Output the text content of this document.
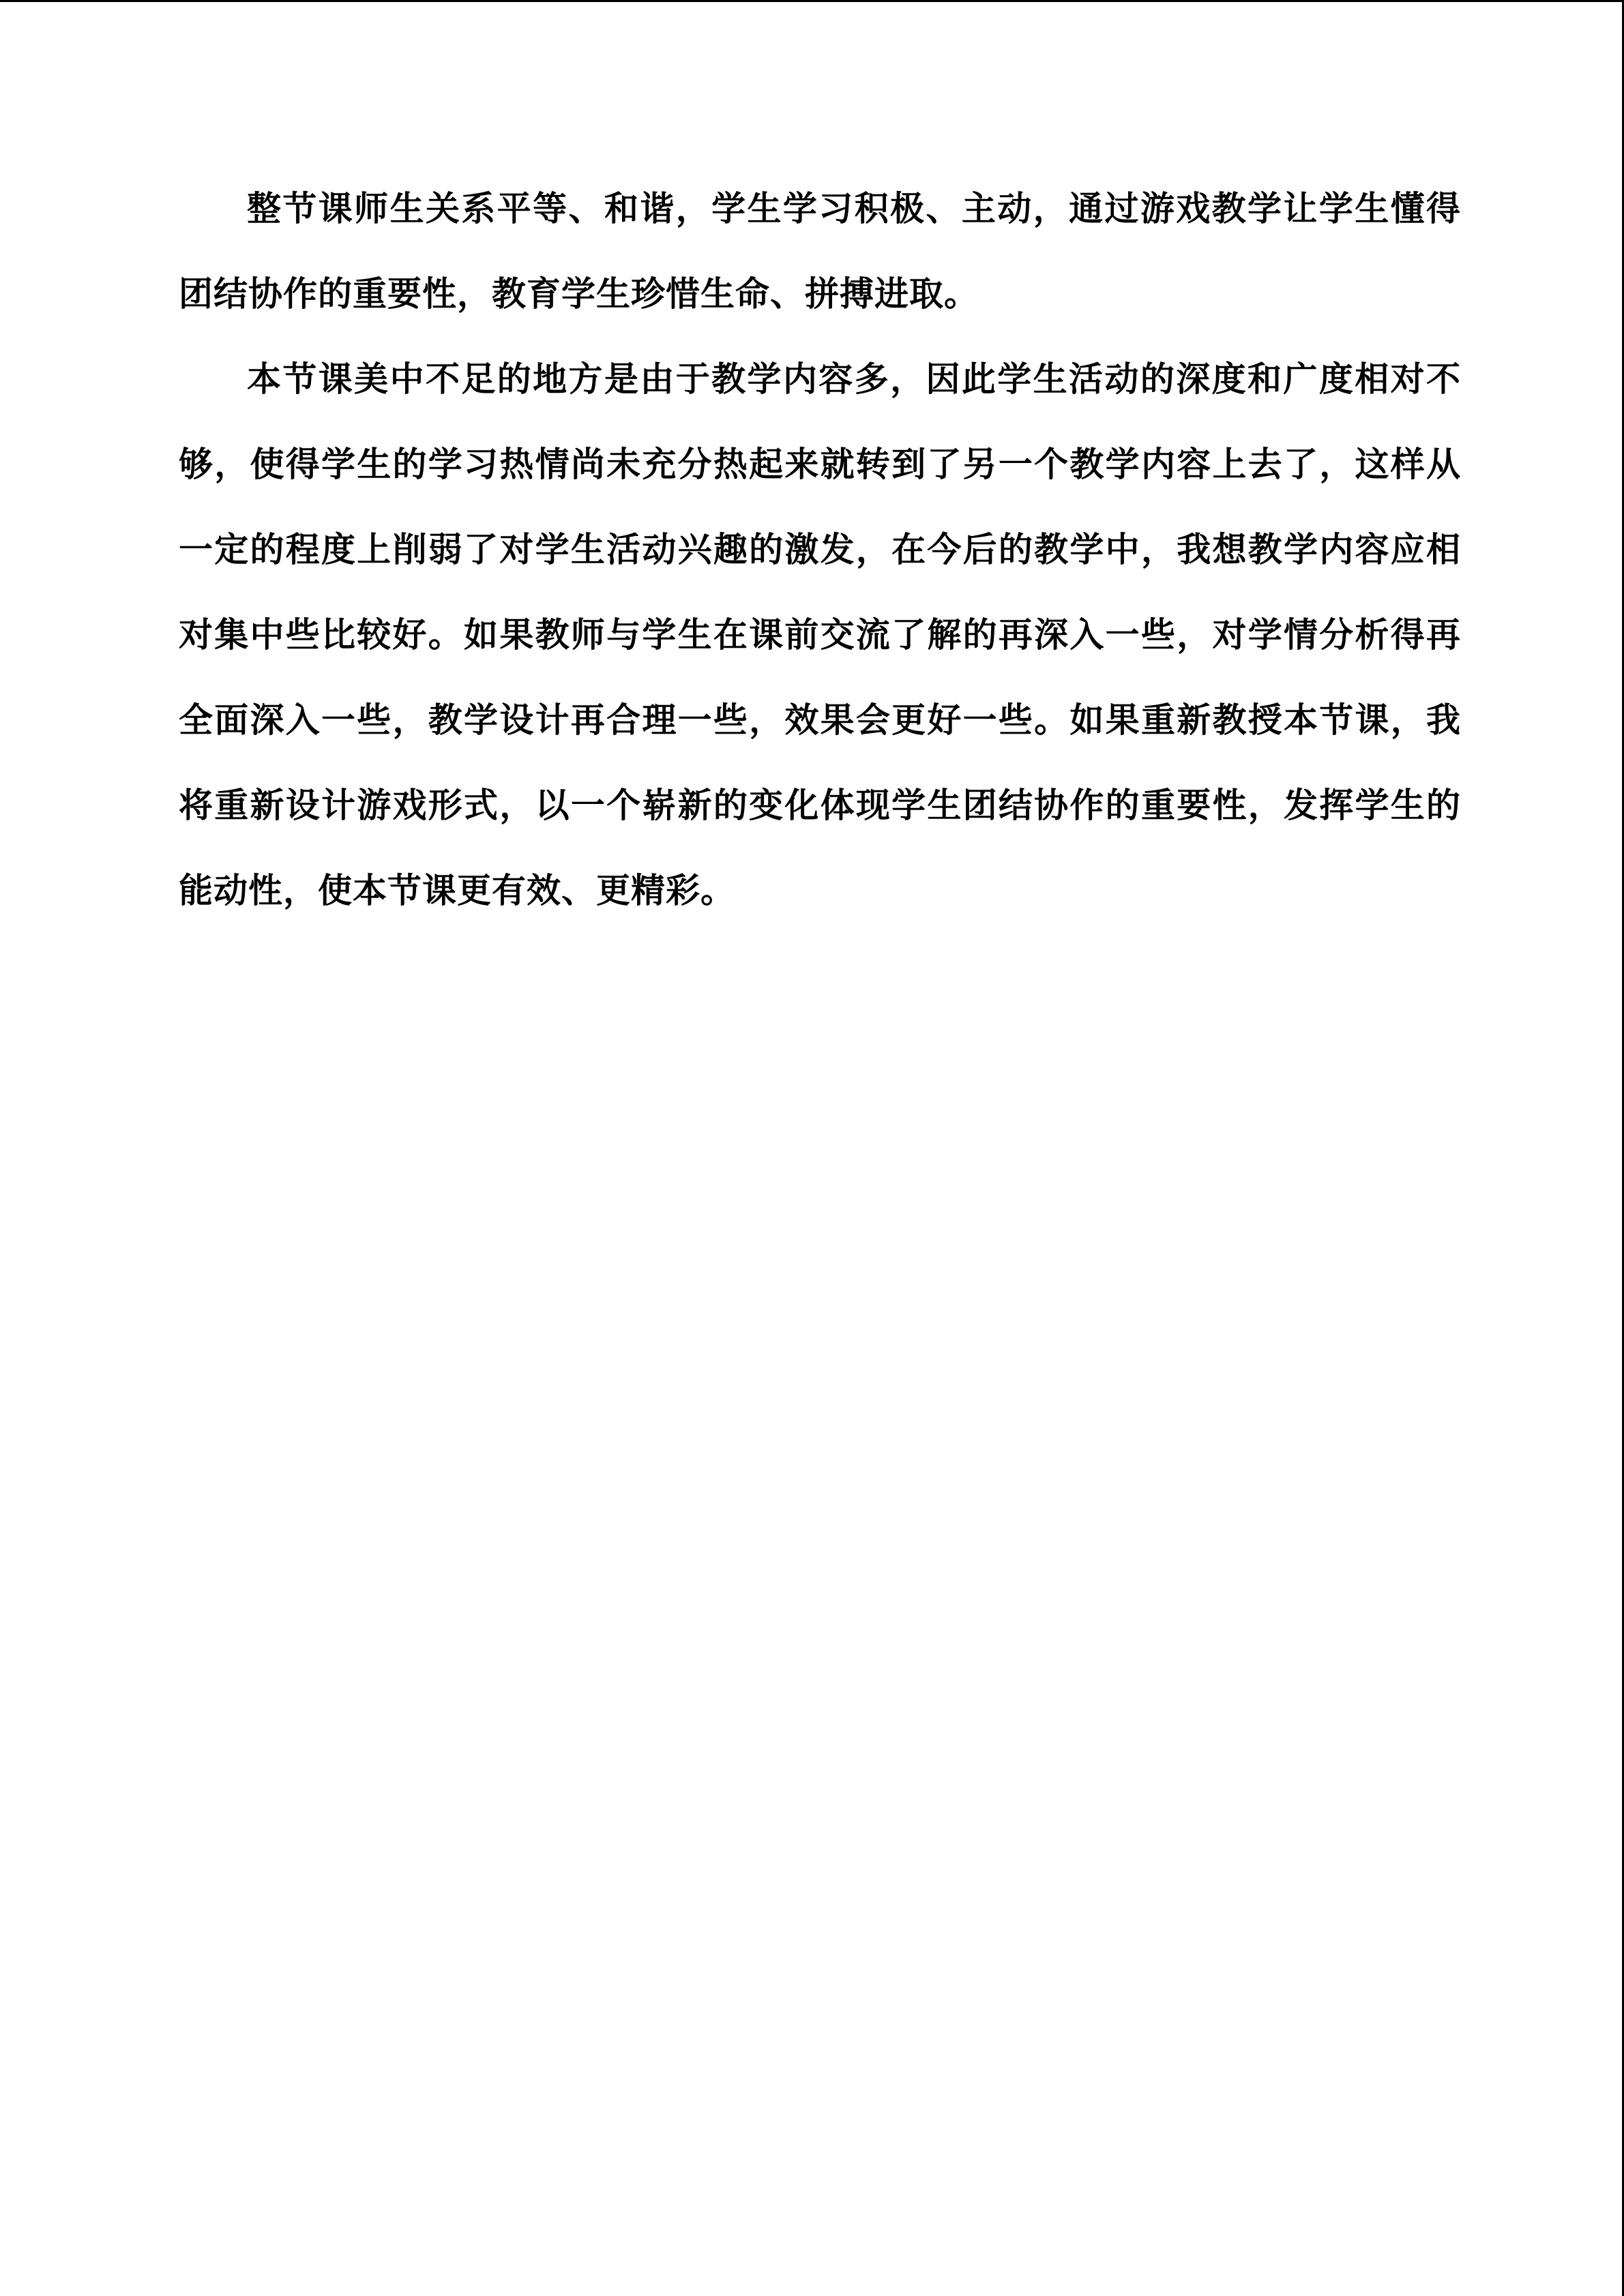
整节课师生关系平等、和谐，学生学习积极、主动，通过游戏教学让学生懂得团结协作的重要性，教育学生珍惜生命、拼搏进取。

本节课美中不足的地方是由于教学内容多，因此学生活动的深度和广度相对不够，使得学生的学习热情尚未充分热起来就转到了另一个教学内容上去了，这样从一定的程度上削弱了对学生活动兴趣的激发，在今后的教学中，我想教学内容应相对集中些比较好。如果教师与学生在课前交流了解的再深入一些，对学情分析得再全面深入一些，教学设计再合理一些，效果会更好一些。如果重新教授本节课，我将重新设计游戏形式，以一个崭新的变化体现学生团结协作的重要性，发挥学生的能动性，使本节课更有效、更精彩。
